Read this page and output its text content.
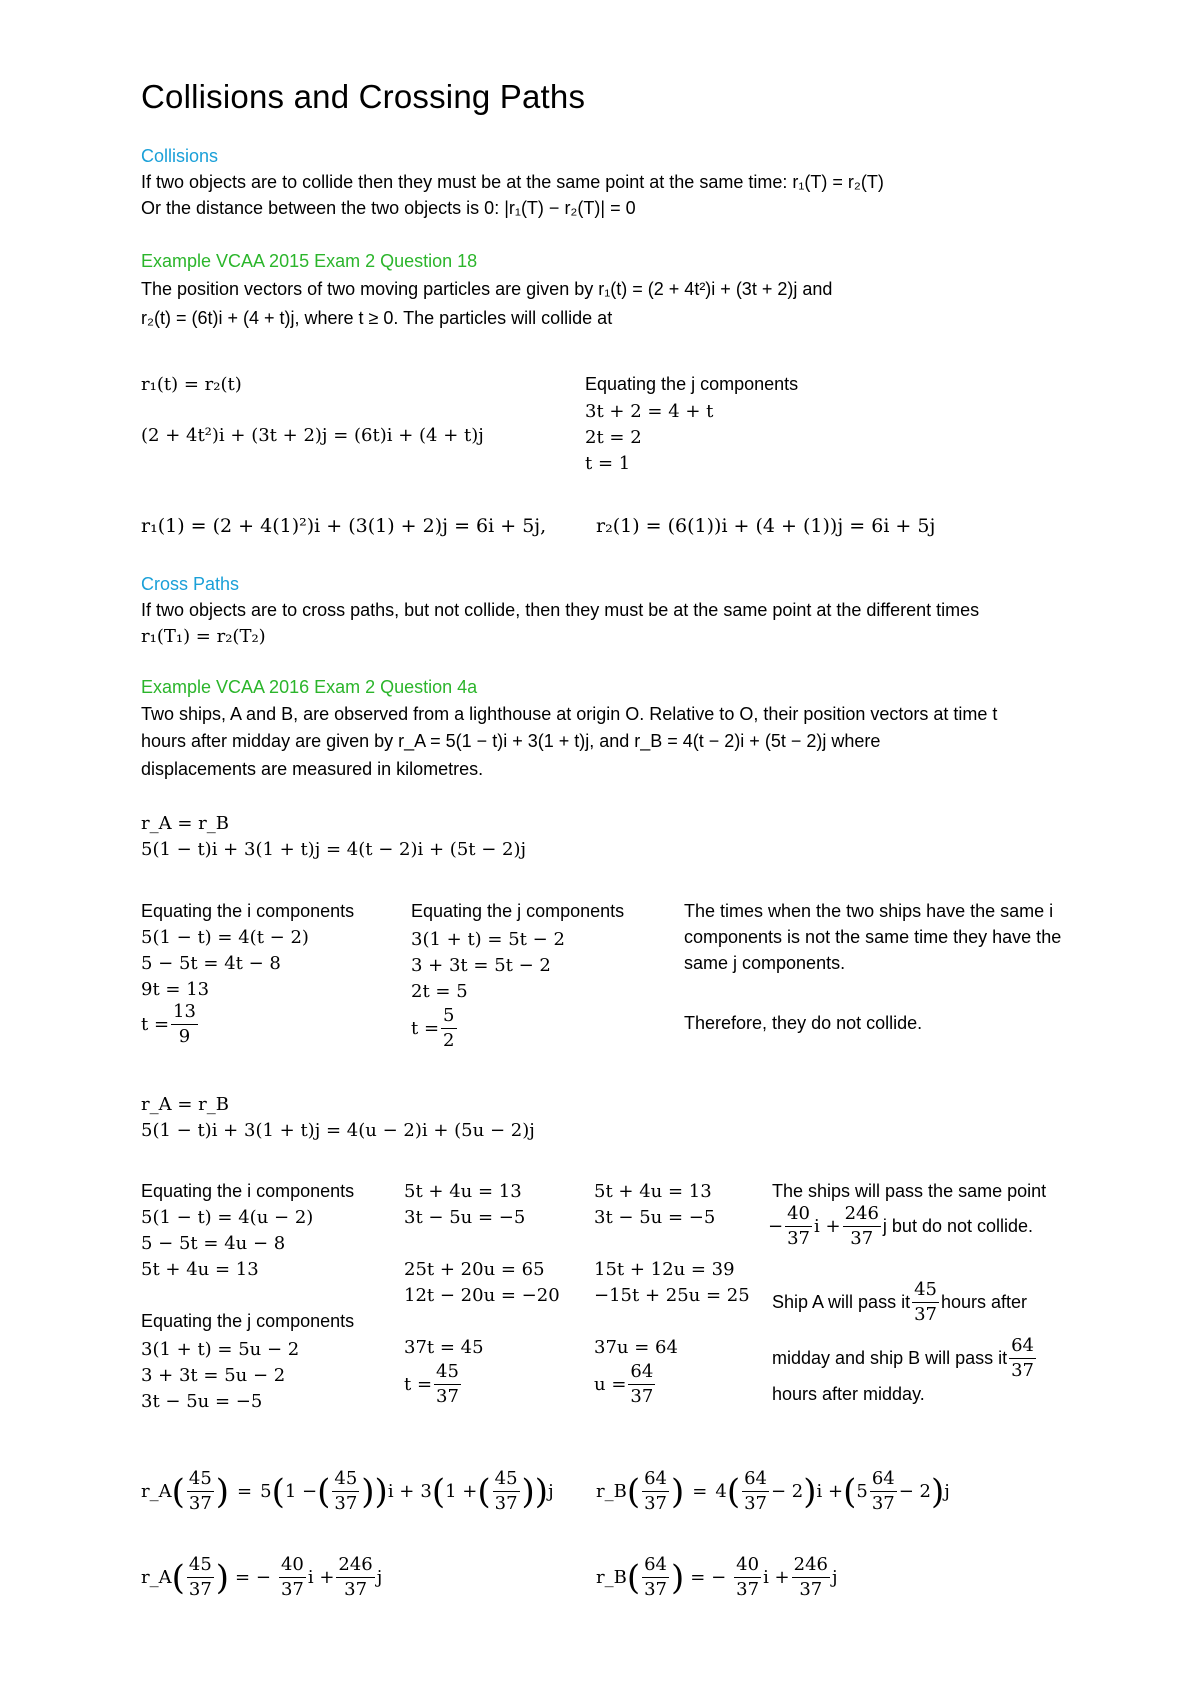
Collisions and Crossing Paths
Collisions
If two objects are to collide then they must be at the same point at the same time: r₁(T) = r₂(T)
Or the distance between the two objects is 0: |r₁(T) − r₂(T)| = 0
Example VCAA 2015 Exam 2 Question 18
The position vectors of two moving particles are given by r₁(t) = (2 + 4t²)i + (3t + 2)j and
r₂(t) = (6t)i + (4 + t)j, where t ≥ 0. The particles will collide at
r₁(t) = r₂(t)
(2 + 4t²)i + (3t + 2)j = (6t)i + (4 + t)j
Equating the j components
3t + 2 = 4 + t
2t = 2
t = 1
r₁(1) = (2 + 4(1)²)i + (3(1) + 2)j = 6i + 5j,	r₂(1) = (6(1))i + (4 + (1))j = 6i + 5j
Cross Paths
If two objects are to cross paths, but not collide, then they must be at the same point at the different times
r₁(T₁) = r₂(T₂)
Example VCAA 2016 Exam 2 Question 4a
Two ships, A and B, are observed from a lighthouse at origin O. Relative to O, their position vectors at time t
hours after midday are given by r_A = 5(1 − t)i + 3(1 + t)j, and r_B = 4(t − 2)i + (5t − 2)j where
displacements are measured in kilometres.
r_A = r_B
5(1 − t)i + 3(1 + t)j = 4(t − 2)i + (5t − 2)j
Equating the i components
5(1 − t) = 4(t − 2)
5 − 5t = 4t − 8
9t = 13
$t = \frac{13}{9}$
Equating the j components
3(1 + t) = 5t − 2
3 + 3t = 5t − 2
2t = 5
$t = \frac{5}{2}$
The times when the two ships have the same i
components is not the same time they have the
same j components.
Therefore, they do not collide.
r_A = r_B
5(1 − t)i + 3(1 + t)j = 4(u − 2)i + (5u − 2)j
Equating the i components
5(1 − t) = 4(u − 2)
5 − 5t = 4u − 8
5t + 4u = 13
Equating the j components
3(1 + t) = 5u − 2
3 + 3t = 5u − 2
3t − 5u = −5
5t + 4u = 13
3t − 5u = −5
25t + 20u = 65
12t − 20u = −20
37t = 45
$t = \frac{45}{37}$
5t + 4u = 13
3t − 5u = −5
15t + 12u = 39
−15t + 25u = 25
37u = 64
$u = \frac{64}{37}$
The ships will pass the same point
− $\frac{40}{37}$ $i + \frac{246}{37}$ j but do not collide.
Ship A will pass it $\frac{45}{37}$ hours after
midday and ship B will pass it $\frac{64}{37}$
hours after midday.
r_A ( $\frac{45}{37}$ ) = 5 ( 1 − ( $\frac{45}{37}$ )) i + 3 ( 1 + ( $\frac{45}{37}$ )) j r_B ( $\frac{64}{37}$ ) = 4 ( $\frac{64}{37} - 2$ ) i + ( $5 \frac{64}{37} - 2$ ) j
r_A ( $\frac{45}{37}$ ) = − $\frac{40}{37}$ $i + \frac{246}{37}$ j	r_B ( $\frac{64}{37}$ ) = − $\frac{40}{37}$ $i + \frac{246}{37}$ j
